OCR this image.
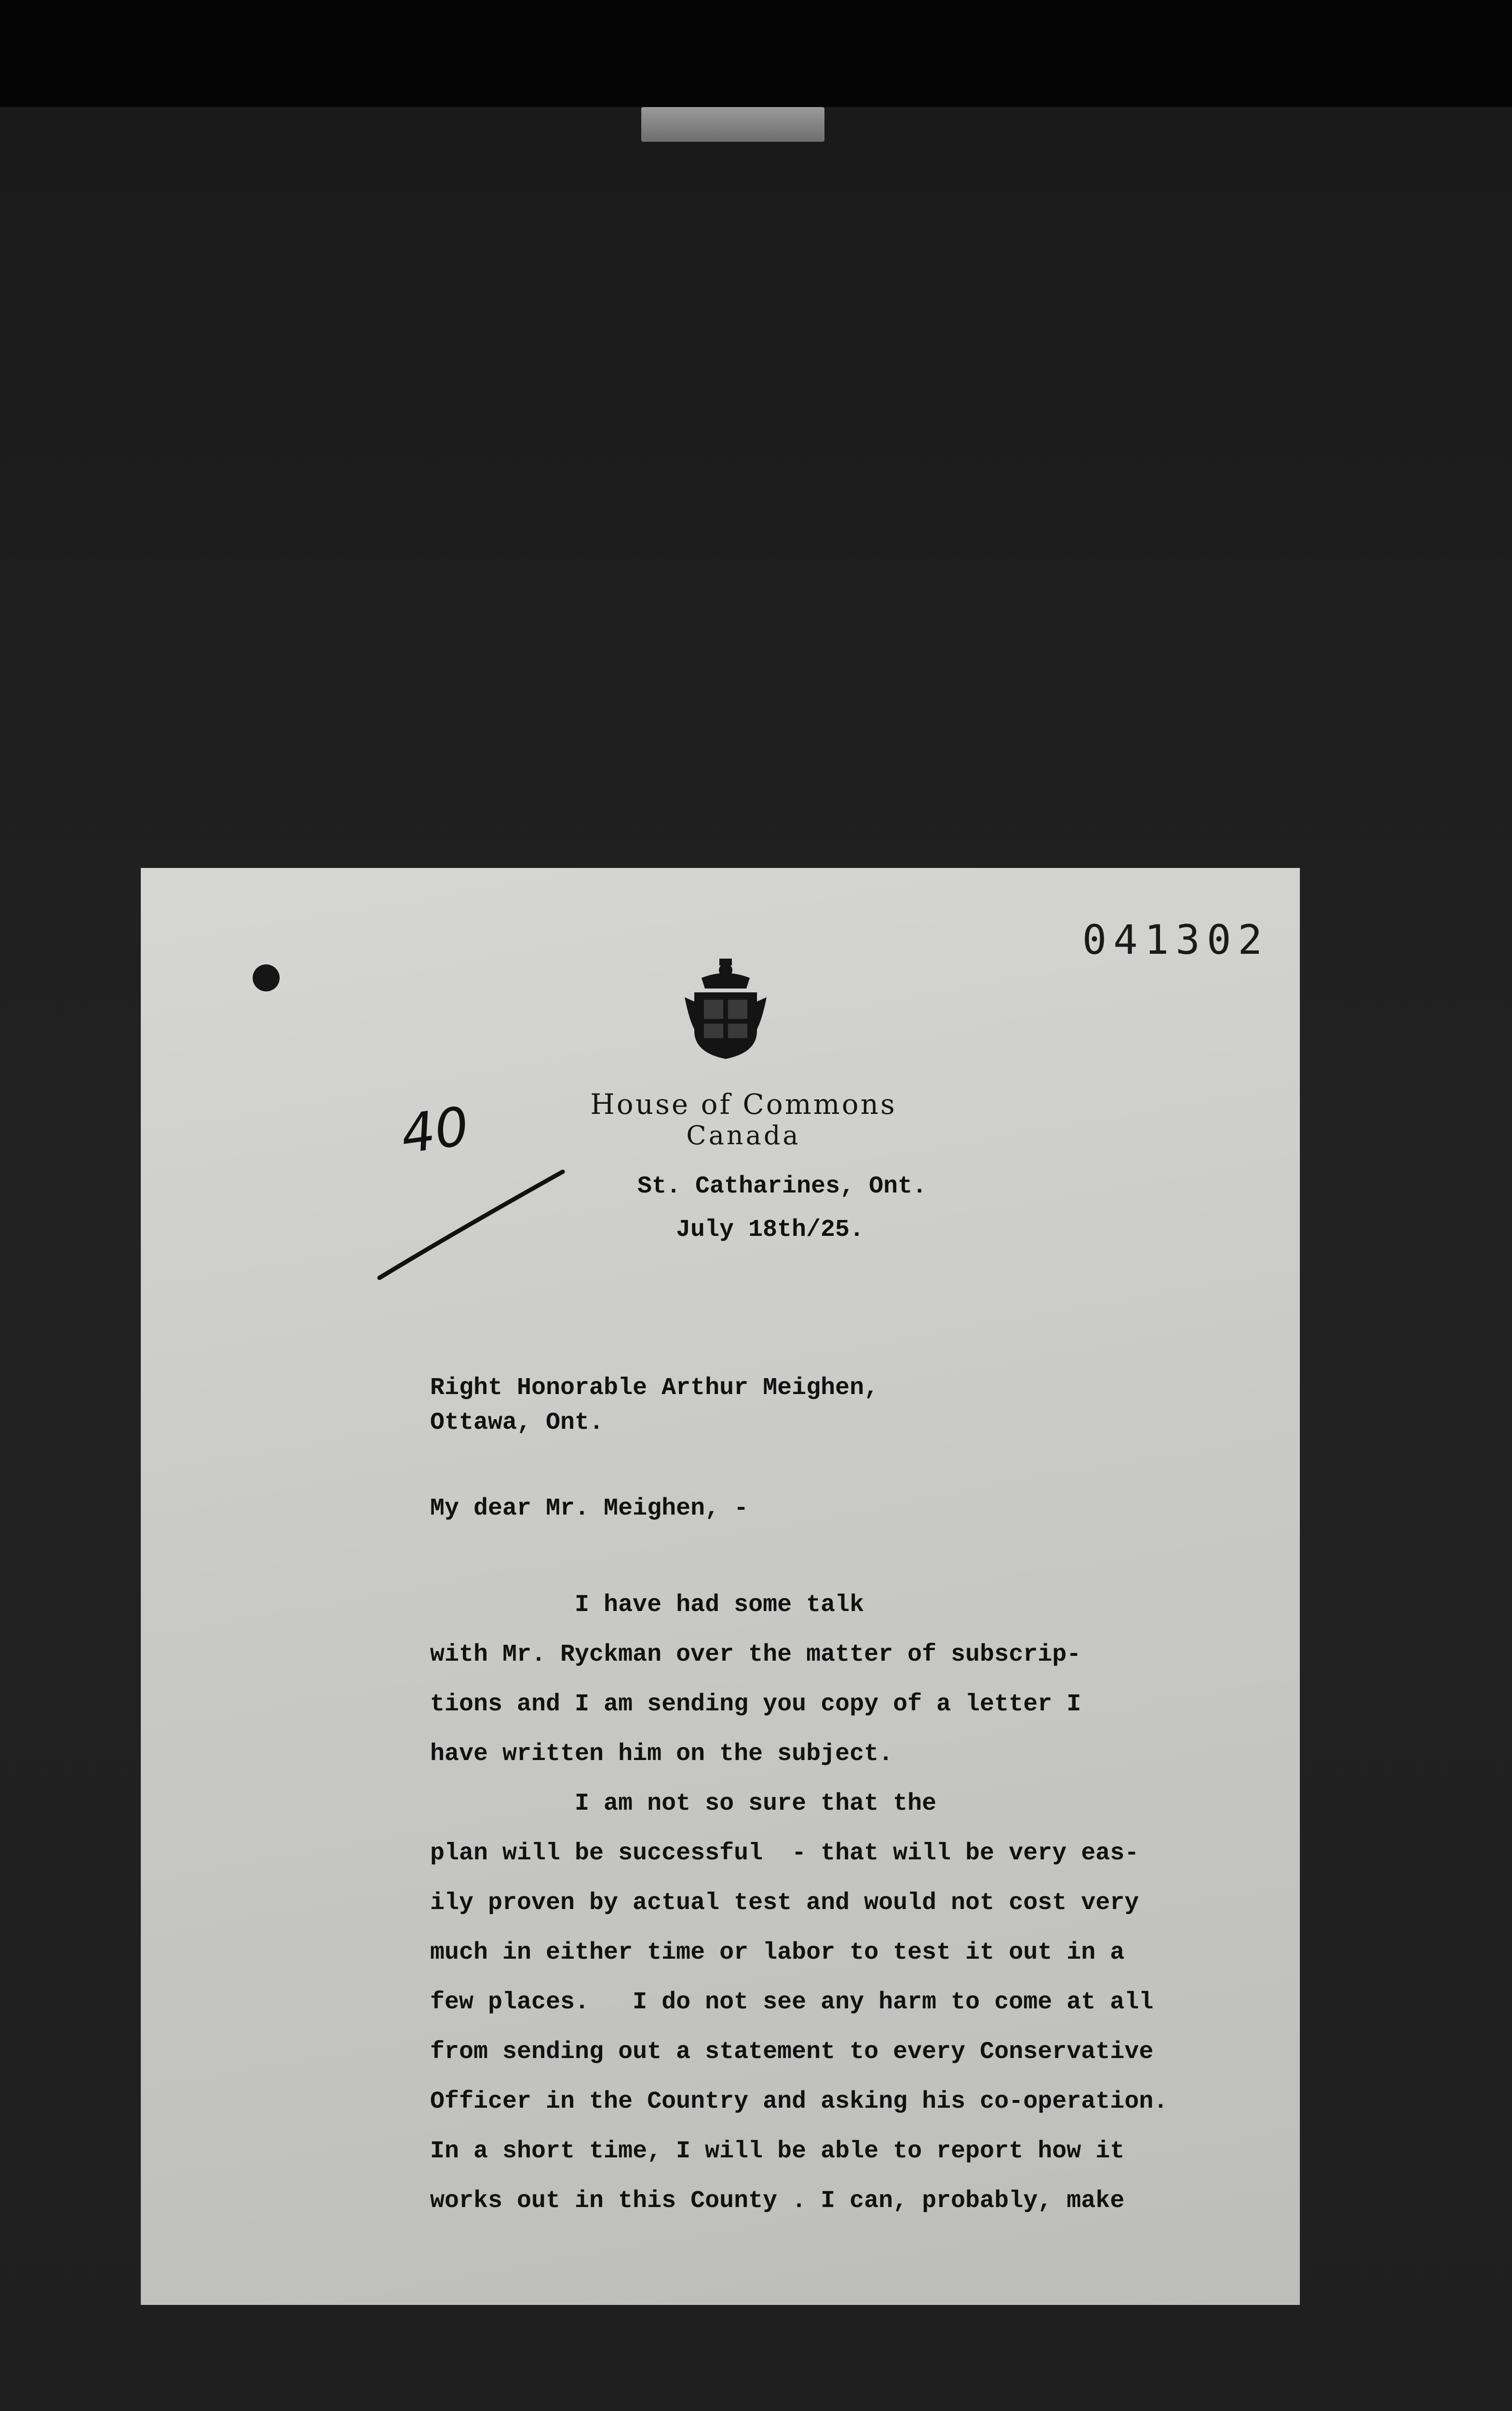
041302
House of Commons
Canada
40
St. Catharines, Ont.
July 18th/25.
Right Honorable Arthur Meighen,
Ottawa, Ont.
My dear Mr. Meighen, -
I have had some talk
with Mr. Ryckman over the matter of subscrip-
tions and I am sending you copy of a letter I
have written him on the subject.
I am not so sure that the
plan will be successful  - that will be very eas-
ily proven by actual test and would not cost very
much in either time or labor to test it out in a
few places.   I do not see any harm to come at all
from sending out a statement to every Conservative
Officer in the Country and asking his co-operation.
In a short time, I will be able to report how it
works out in this County . I can, probably, make
